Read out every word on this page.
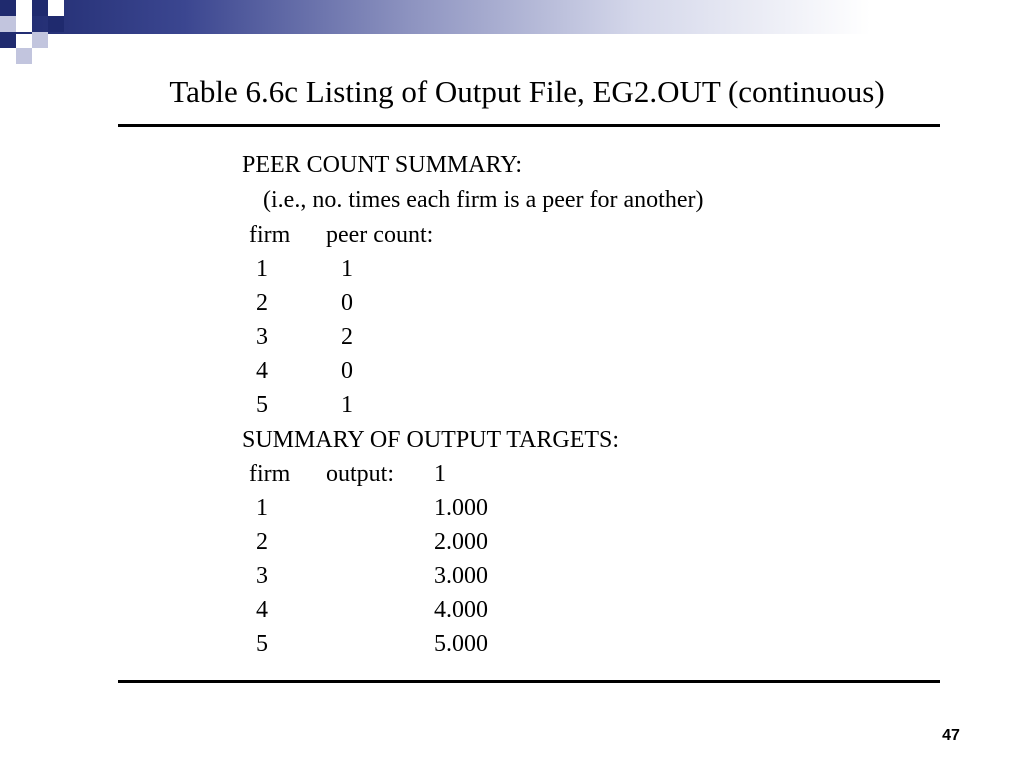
Table 6.6c Listing of Output File, EG2.OUT (continuous)
PEER COUNT SUMMARY:
(i.e., no. times each firm is a peer for another)
firm peer count:
1	1
2	0
3	2
4	0
5	1
SUMMARY OF OUTPUT TARGETS:
firm output: 1
1	1.000
2	2.000
3	3.000
4	4.000
5	5.000
47
